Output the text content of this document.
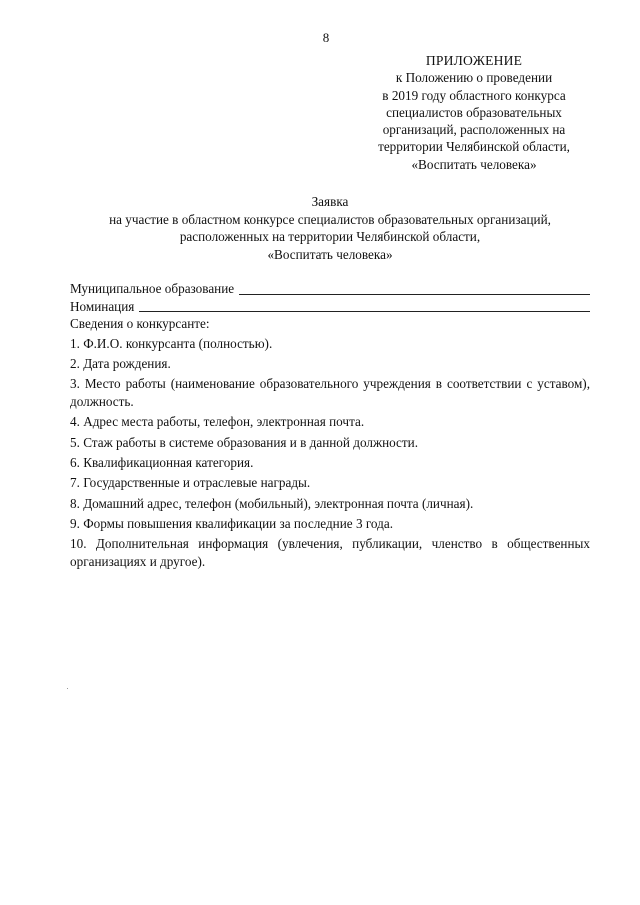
8
ПРИЛОЖЕНИЕ
к Положению о проведении
в 2019 году областного конкурса
специалистов образовательных
организаций, расположенных на
территории Челябинской области,
«Воспитать человека»
Заявка
на участие в областном конкурсе специалистов образовательных организаций,
расположенных на территории Челябинской области,
«Воспитать человека»
Муниципальное образование
Номинация
Сведения о конкурсанте:
1. Ф.И.О. конкурсанта (полностью).
2. Дата рождения.
3. Место работы (наименование образовательного учреждения в соответствии с уставом), должность.
4. Адрес места работы, телефон, электронная почта.
5. Стаж работы в системе образования и в данной должности.
6. Квалификационная категория.
7. Государственные и отраслевые награды.
8. Домашний адрес, телефон (мобильный), электронная почта (личная).
9. Формы повышения квалификации за последние 3 года.
10. Дополнительная информация (увлечения, публикации, членство в общественных организациях и другое).
